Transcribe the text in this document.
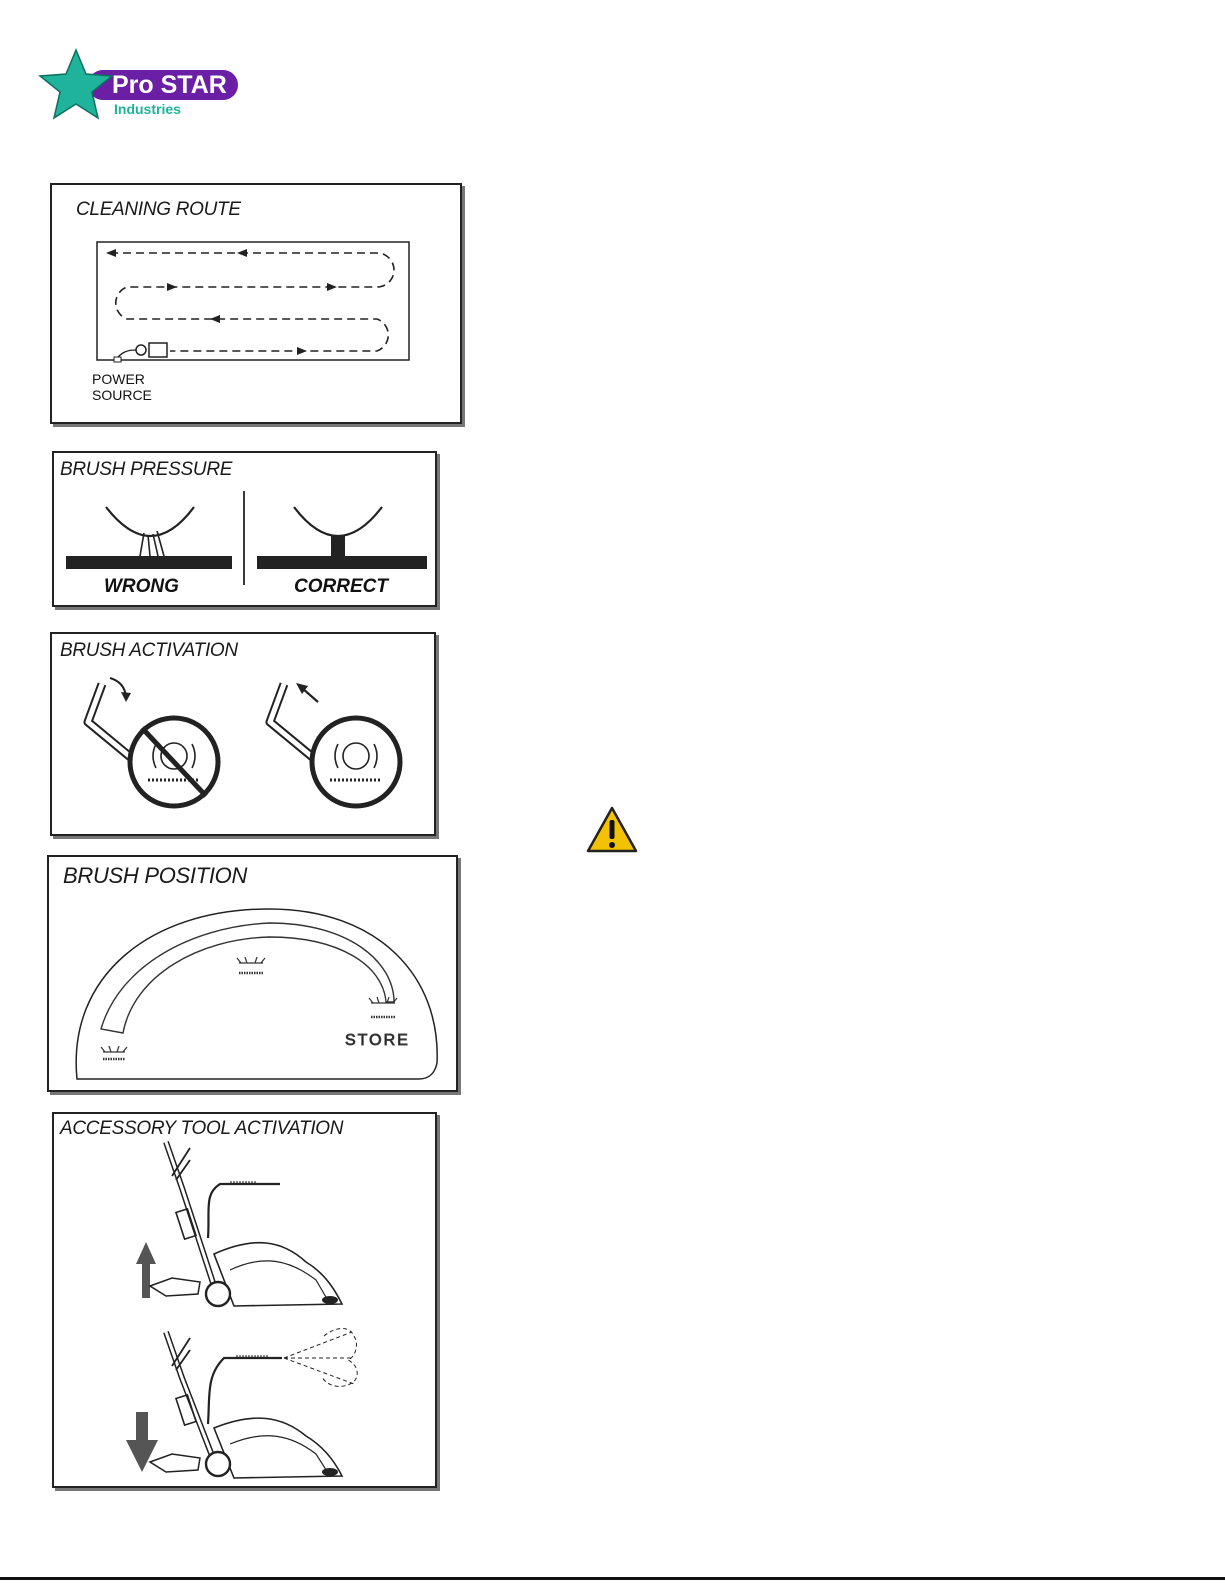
Pro STAR
Industries
CLEANING ROUTE
POWER
SOURCE
BRUSH PRESSURE
WRONG	CORRECT
BRUSH ACTIVATION
BRUSH POSITION
STORE
ACCESSORY TOOL ACTIVATION
